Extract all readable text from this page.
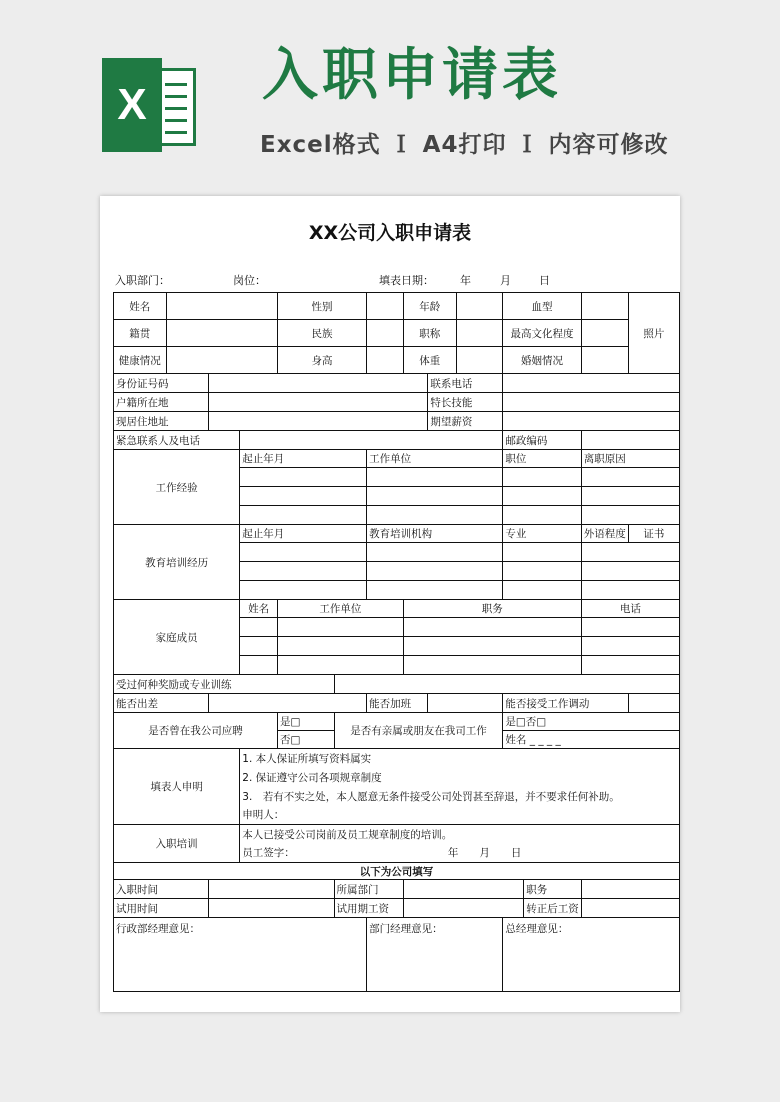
X 入职申请表
Excel格式 Ｉ A4打印 Ｉ 内容可修改
XX公司入职申请表
入职部门：	岗位：	填表日期： 年	月	日
姓名				性别			年龄			血型			照片
籍贯				民族			职称			最高文化程度			
健康情况				身高			体重			婚姻情况			
身份证号码								联系电话					
户籍所在地								特长技能					
现居住地址								期望薪资					
紧急联系人及电话										邮政编码			
工作经验			起止年月			工作单位				职位		离职原因	

教育培训经历			起止年月			教育培训机构				专业		外语程度	证书

家庭成员			姓名	工作单位			职务					电话	

受过何种奖励或专业训练													
能否出差						能否加班				能否接受工作调动			
是否曾在我公司应聘				是□	是否有亲属或朋友在我司工作					是□否□			
				否□						姓名 _ _ _ _			
填表人申明			1. 本人保证所填写资料属实										
			2. 保证遵守公司各项规章制度										
			3.　若有不实之处，本人愿意无条件接受公司处罚甚至辞退，并不要求任何补助。										
			申明人：										
入职培训			本人已接受公司岗前及员工规章制度的培训。										
			员工签字：					年　　月　　日					
以下为公司填写													
入职时间					所属部门						职务		
试用时间					试用期工资						转正后工资		
行政部经理意见：						部门经理意见：				总经理意见：			
